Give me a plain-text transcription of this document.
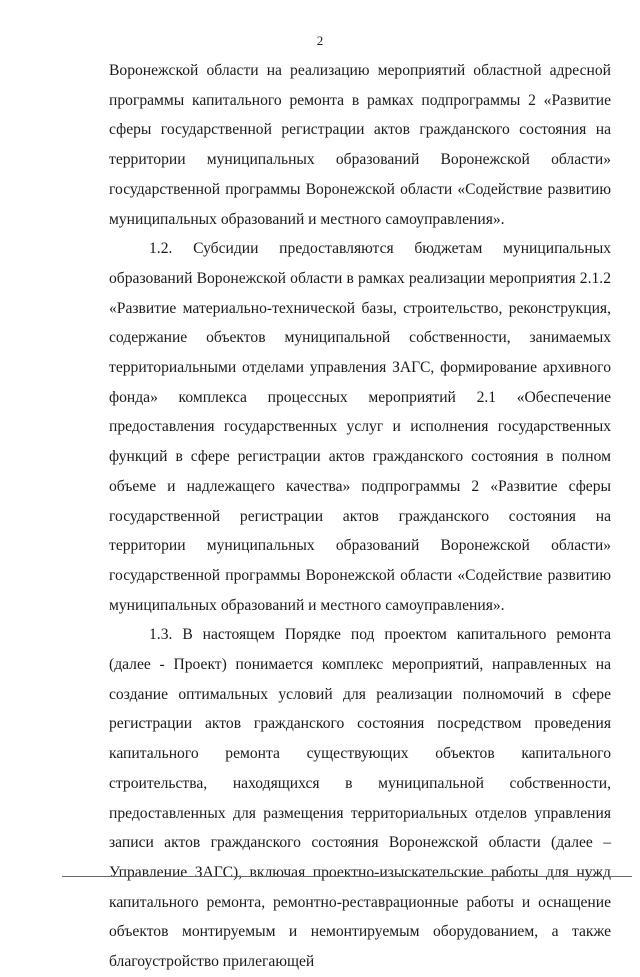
2

Воронежской области на реализацию мероприятий областной адресной программы капитального ремонта в рамках подпрограммы 2 «Развитие сферы государственной регистрации актов гражданского состояния на территории муниципальных образований Воронежской области» государственной программы Воронежской области «Содействие развитию муниципальных образований и местного самоуправления».

1.2. Субсидии предоставляются бюджетам муниципальных образований Воронежской области в рамках реализации мероприятия 2.1.2 «Развитие материально-технической базы, строительство, реконструкция, содержание объектов муниципальной собственности, занимаемых территориальными отделами управления ЗАГС, формирование архивного фонда» комплекса процессных мероприятий 2.1 «Обеспечение предоставления государственных услуг и исполнения государственных функций в сфере регистрации актов гражданского состояния в полном объеме и надлежащего качества» подпрограммы 2 «Развитие сферы государственной регистрации актов гражданского состояния на территории муниципальных образований Воронежской области» государственной программы Воронежской области «Содействие развитию муниципальных образований и местного самоуправления».

1.3. В настоящем Порядке под проектом капитального ремонта (далее - Проект) понимается комплекс мероприятий, направленных на создание оптимальных условий для реализации полномочий в сфере регистрации актов гражданского состояния посредством проведения капитального ремонта существующих объектов капитального строительства, находящихся в муниципальной собственности, предоставленных для размещения территориальных отделов управления записи актов гражданского состояния Воронежской области (далее – Управление ЗАГС), включая проектно-изыскательские работы для нужд капитального ремонта, ремонтно-реставрационные работы и оснащение объектов монтируемым и немонтируемым оборудованием, а также благоустройство прилегающей
